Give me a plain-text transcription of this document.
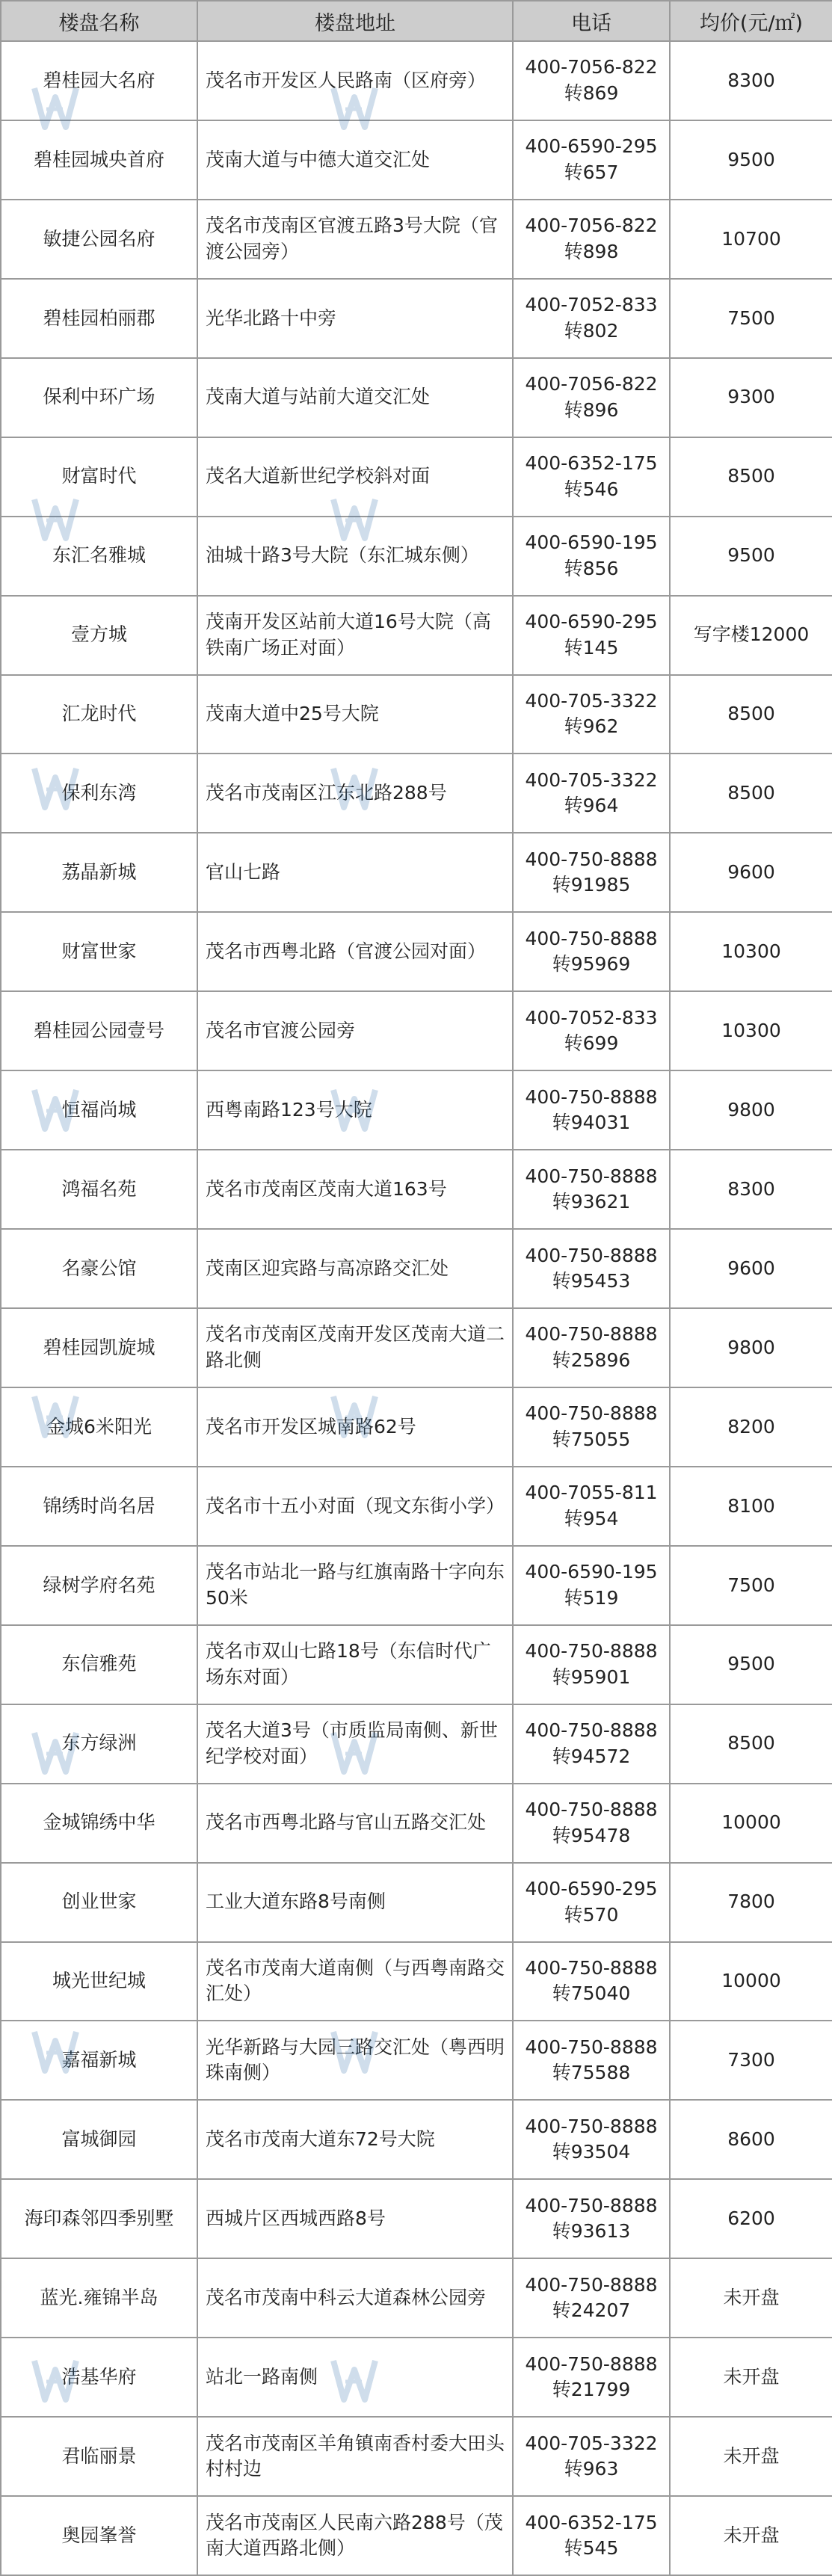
楼盘名称	楼盘地址	电话	均价(元/㎡)
碧桂园大名府	茂名市开发区人民路南（区府旁）	400-7056-822 转869	8300
碧桂园城央首府	茂南大道与中德大道交汇处	400-6590-295 转657	9500
敏捷公园名府	茂名市茂南区官渡五路3号大院（官渡公园旁）	400-7056-822 转898	10700
碧桂园柏丽郡	光华北路十中旁	400-7052-833 转802	7500
保利中环广场	茂南大道与站前大道交汇处	400-7056-822 转896	9300
财富时代	茂名大道新世纪学校斜对面	400-6352-175 转546	8500
东汇名雅城	油城十路3号大院（东汇城东侧）	400-6590-195 转856	9500
壹方城	茂南开发区站前大道16号大院（高铁南广场正对面）	400-6590-295 转145	写字楼12000
汇龙时代	茂南大道中25号大院	400-705-3322 转962	8500
保利东湾	茂名市茂南区江东北路288号	400-705-3322 转964	8500
荔晶新城	官山七路	400-750-8888 转91985	9600
财富世家	茂名市西粤北路（官渡公园对面）	400-750-8888 转95969	10300
碧桂园公园壹号	茂名市官渡公园旁	400-7052-833 转699	10300
恒福尚城	西粤南路123号大院	400-750-8888 转94031	9800
鸿福名苑	茂名市茂南区茂南大道163号	400-750-8888 转93621	8300
名豪公馆	茂南区迎宾路与高凉路交汇处	400-750-8888 转95453	9600
碧桂园凯旋城	茂名市茂南区茂南开发区茂南大道二路北侧	400-750-8888 转25896	9800
金城6米阳光	茂名市开发区城南路62号	400-750-8888 转75055	8200
锦绣时尚名居	茂名市十五小对面（现文东街小学）	400-7055-811 转954	8100
绿树学府名苑	茂名市站北一路与红旗南路十字向东50米	400-6590-195 转519	7500
东信雅苑	茂名市双山七路18号（东信时代广场东对面）	400-750-8888 转95901	9500
东方绿洲	茂名大道3号（市质监局南侧、新世纪学校对面）	400-750-8888 转94572	8500
金城锦绣中华	茂名市西粤北路与官山五路交汇处	400-750-8888 转95478	10000
创业世家	工业大道东路8号南侧	400-6590-295 转570	7800
城光世纪城	茂名市茂南大道南侧（与西粤南路交汇处）	400-750-8888 转75040	10000
嘉福新城	光华新路与大园三路交汇处（粤西明珠南侧）	400-750-8888 转75588	7300
富城御园	茂名市茂南大道东72号大院	400-750-8888 转93504	8600
海印森邻四季别墅	西城片区西城西路8号	400-750-8888 转93613	6200
蓝光.雍锦半岛	茂名市茂南中科云大道森林公园旁	400-750-8888 转24207	未开盘
浩基华府	站北一路南侧	400-750-8888 转21799	未开盘
君临丽景	茂名市茂南区羊角镇南香村委大田头村村边	400-705-3322 转963	未开盘
奥园峯誉	茂名市茂南区人民南六路288号（茂南大道西路北侧）	400-6352-175 转545	未开盘
